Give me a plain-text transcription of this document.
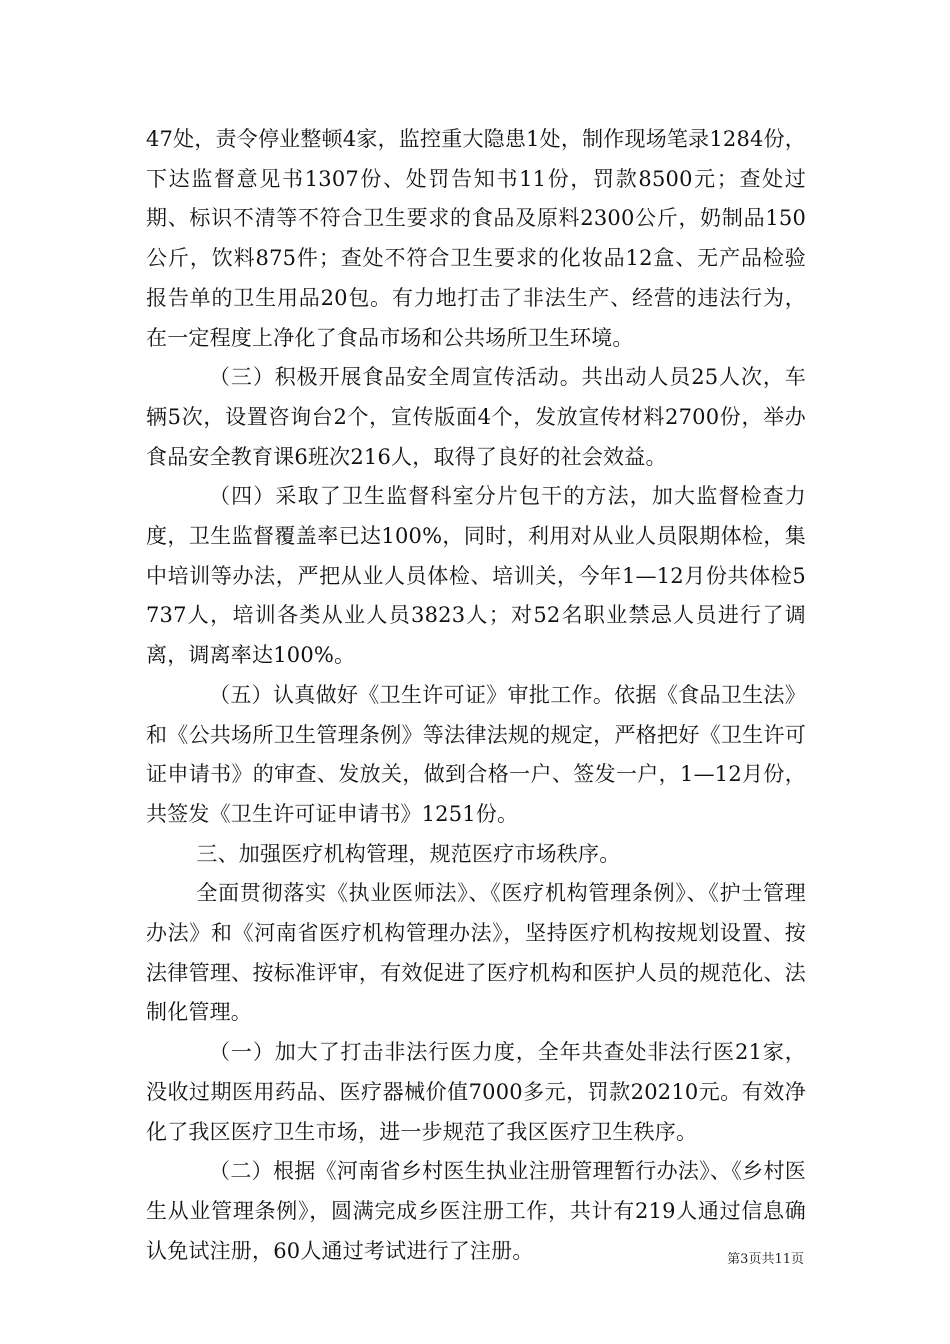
47处，责令停业整顿4家，监控重大隐患1处，制作现场笔录1284份，下达监督意见书1307份、处罚告知书11份，罚款8500元；查处过期、标识不清等不符合卫生要求的食品及原料2300公斤，奶制品150公斤，饮料875件；查处不符合卫生要求的化妆品12盒、无产品检验报告单的卫生用品20包。有力地打击了非法生产、经营的违法行为，在一定程度上净化了食品市场和公共场所卫生环境。

（三）积极开展食品安全周宣传活动。共出动人员25人次，车辆5次，设置咨询台2个，宣传版面4个，发放宣传材料2700份，举办食品安全教育课6班次216人，取得了良好的社会效益。

（四）采取了卫生监督科室分片包干的方法，加大监督检查力度，卫生监督覆盖率已达100%，同时，利用对从业人员限期体检，集中培训等办法，严把从业人员体检、培训关，今年1—12月份共体检5737人，培训各类从业人员3823人；对52名职业禁忌人员进行了调离，调离率达100%。

（五）认真做好《卫生许可证》审批工作。依据《食品卫生法》和《公共场所卫生管理条例》等法律法规的规定，严格把好《卫生许可证申请书》的审查、发放关，做到合格一户、签发一户，1—12月份，共签发《卫生许可证申请书》1251份。

三、加强医疗机构管理，规范医疗市场秩序。

全面贯彻落实《执业医师法》、《医疗机构管理条例》、《护士管理办法》和《河南省医疗机构管理办法》，坚持医疗机构按规划设置、按法律管理、按标准评审，有效促进了医疗机构和医护人员的规范化、法制化管理。

（一）加大了打击非法行医力度，全年共查处非法行医21家，没收过期医用药品、医疗器械价值7000多元，罚款20210元。有效净化了我区医疗卫生市场，进一步规范了我区医疗卫生秩序。

（二）根据《河南省乡村医生执业注册管理暂行办法》、《乡村医生从业管理条例》，圆满完成乡医注册工作，共计有219人通过信息确认免试注册，60人通过考试进行了注册。	第3页共11页
